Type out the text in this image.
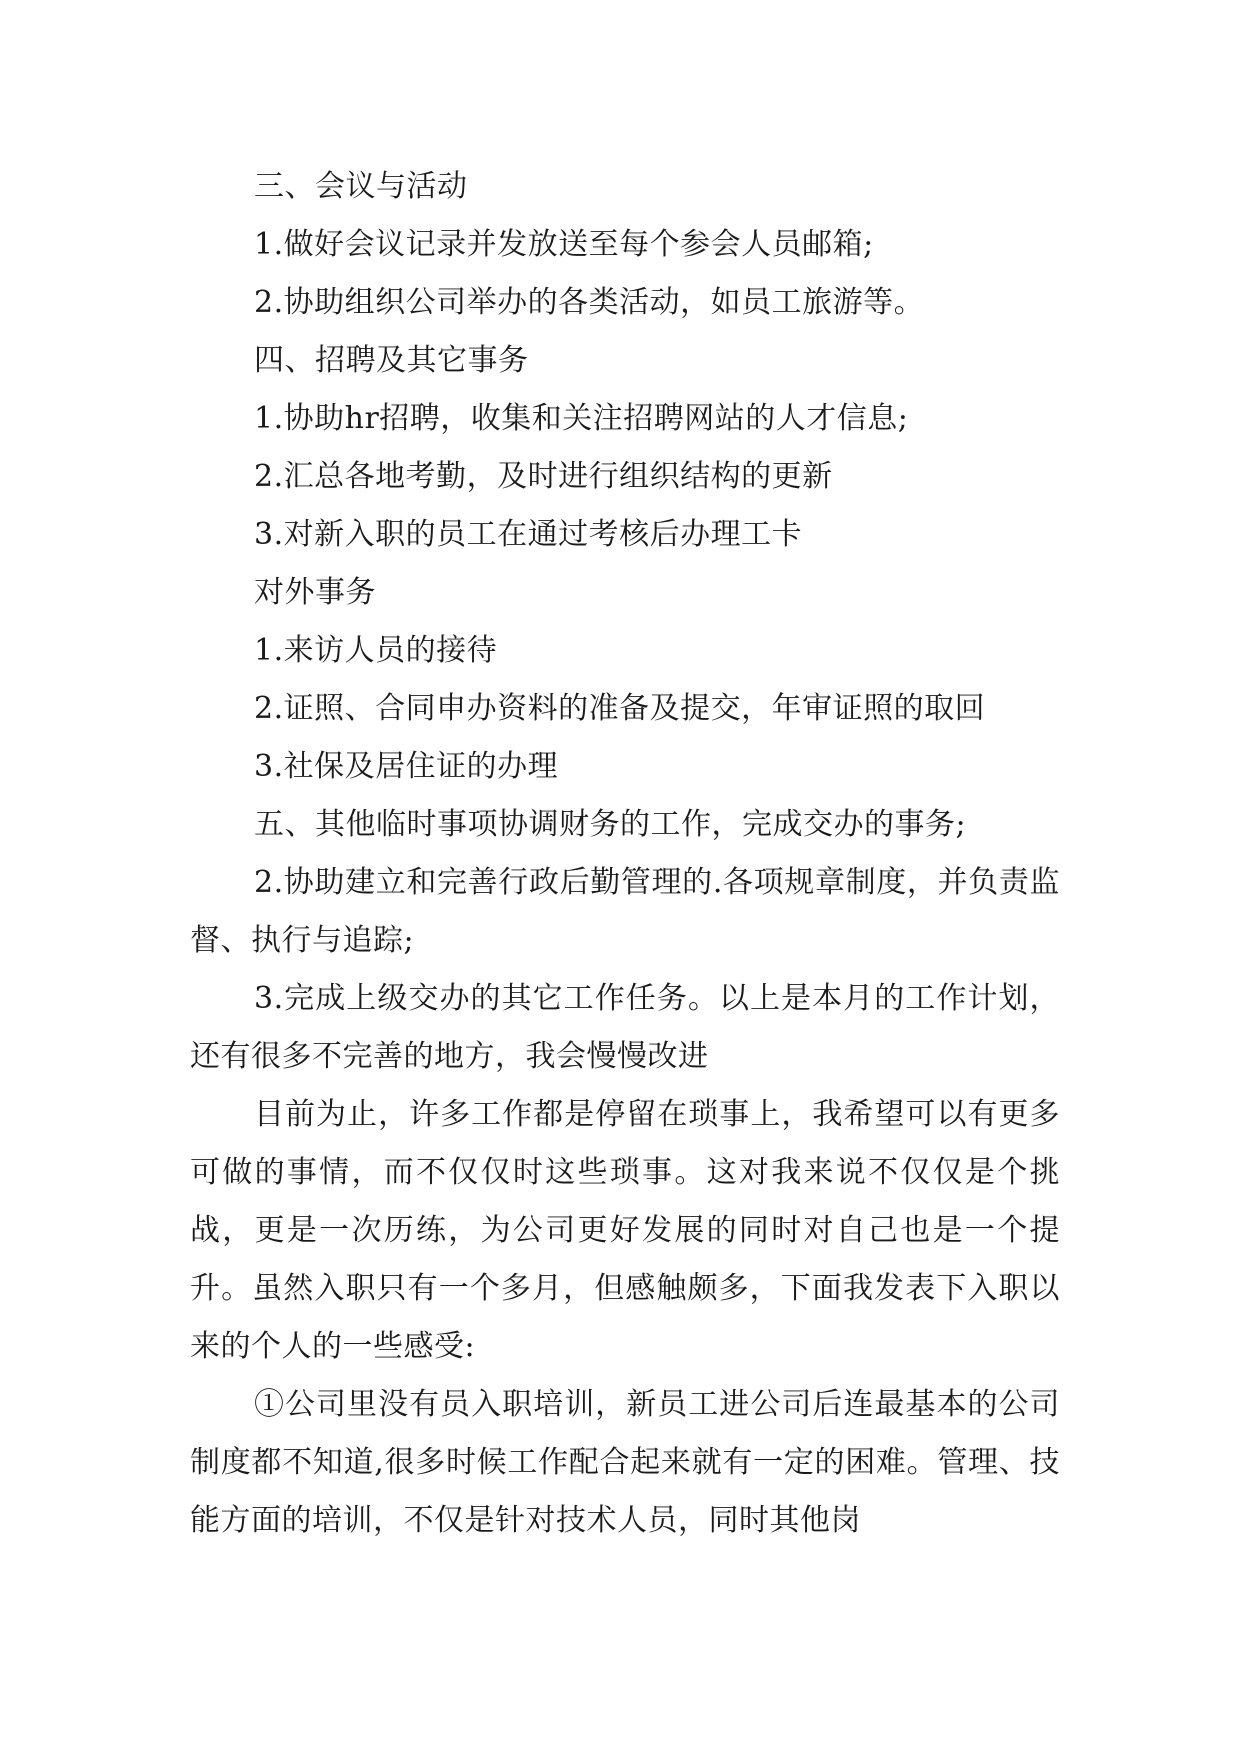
三、会议与活动

1.做好会议记录并发放送至每个参会人员邮箱;

2.协助组织公司举办的各类活动，如员工旅游等。

四、招聘及其它事务

1.协助hr招聘，收集和关注招聘网站的人才信息;

2.汇总各地考勤，及时进行组织结构的更新

3.对新入职的员工在通过考核后办理工卡

对外事务

1.来访人员的接待

2.证照、合同申办资料的准备及提交，年审证照的取回

3.社保及居住证的办理

五、其他临时事项协调财务的工作，完成交办的事务;

2.协助建立和完善行政后勤管理的.各项规章制度，并负责监督、执行与追踪;

3.完成上级交办的其它工作任务。以上是本月的工作计划，还有很多不完善的地方，我会慢慢改进

目前为止，许多工作都是停留在琐事上，我希望可以有更多可做的事情，而不仅仅时这些琐事。这对我来说不仅仅是个挑战，更是一次历练，为公司更好发展的同时对自己也是一个提升。虽然入职只有一个多月，但感触颇多，下面我发表下入职以来的个人的一些感受:

①公司里没有员入职培训，新员工进公司后连最基本的公司制度都不知道,很多时候工作配合起来就有一定的困难。管理、技能方面的培训，不仅是针对技术人员，同时其他岗
